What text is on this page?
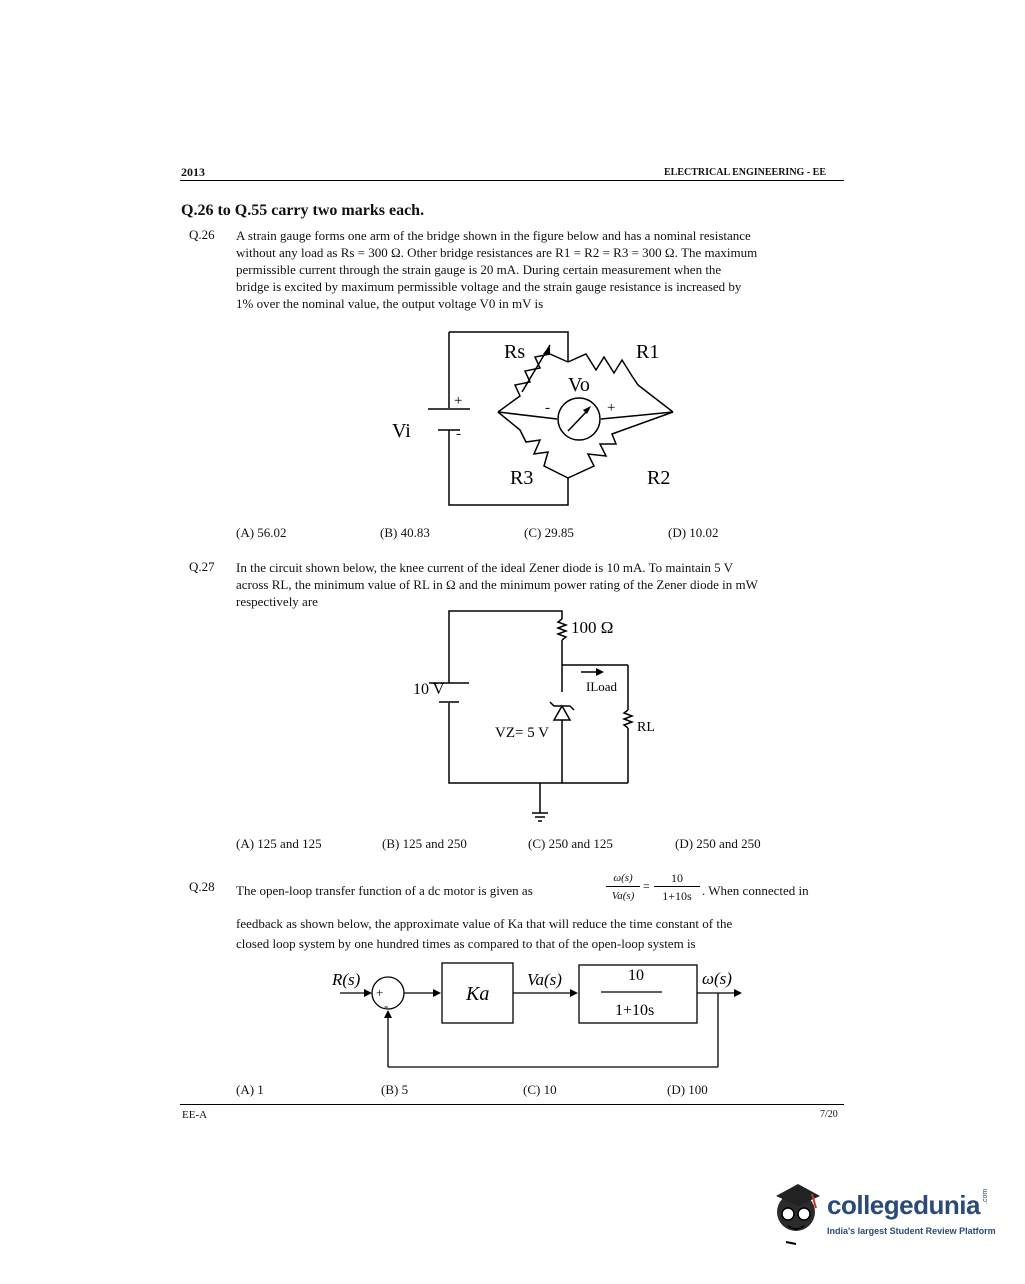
2013	ELECTRICAL ENGINEERING - EE
Q.26 to Q.55 carry two marks each.
Q.26 A strain gauge forms one arm of the bridge shown in the figure below and has a nominal resistance
without any load as Rs = 300 Ω. Other bridge resistances are R1 = R2 = R3 = 300 Ω. The maximum
permissible current through the strain gauge is 20 mA. During certain measurement when the
bridge is excited by maximum permissible voltage and the strain gauge resistance is increased by
1% over the nominal value, the output voltage V0 in mV is
Rs	R1
Vo
Vi
+
-
-	+
R3	R2
(A) 56.02	(B) 40.83	(C) 29.85	(D) 10.02
Q.27 In the circuit shown below, the knee current of the ideal Zener diode is 10 mA. To maintain 5 V
across RL, the minimum value of RL in Ω and the minimum power rating of the Zener diode in mW
respectively are
100 Ω
10 V	ILoad
RL
VZ= 5 V
(A) 125 and 125	(B) 125 and 250	(C) 250 and 125	(D) 250 and 250
Q.28 The open-loop transfer function of a dc motor is given as
ω(s)
Va(s)
=
10
1+10s . When connected in
feedback as shown below, the approximate value of Ka that will reduce the time constant of the
closed loop system by one hundred times as compared to that of the open-loop system is
R(s)
+
-
Ka
Va(s)	10
1+10s
ω(s)
(A) 1	(B) 5	(C) 10	(D) 100
EE-A	7/20
collegedunia .com
India's largest Student Review Platform
